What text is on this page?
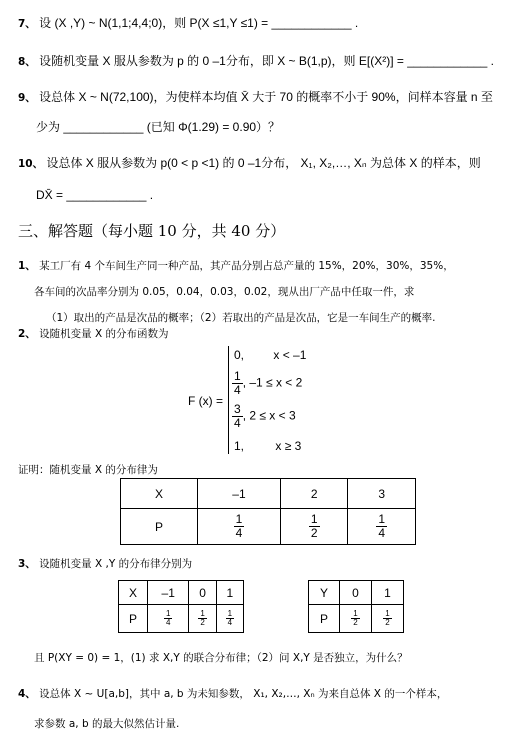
7、 设 (X ,Y) ~ N(1,1;4,4;0)，则 P(X ≤1,Y ≤1) = ____________ .
8、 设随机变量 X 服从参数为 p 的 0 –1分布，即 X ~ B(1,p)，则 E[(X²)] = ____________ .
9、 设总体 X ~ N(72,100)，为使样本均值 X̄ 大于 70 的概率不小于 90%，问样本容量 n 至
少为 ____________ (已知 Φ(1.29) = 0.90）？
10、 设总体 X 服从参数为 p(0 < p <1) 的 0 –1分布， X₁, X₂,…, Xₙ 为总体 X 的样本，则
DX̄ = ____________ .
三、解答题（每小题 10 分，共 40 分）
1、 某工厂有 4 个车间生产同一种产品，其产品分别占总产量的 15%，20%，30%，35%，
各车间的次品率分别为 0.05，0.04，0.03，0.02，现从出厂产品中任取一件，求
（1）取出的产品是次品的概率；（2）若取出的产品是次品，它是一车间生产的概率.
2、 设随机变量 X 的分布函数为
F (x) =
0, x < –1
$\frac{1}{4}$ , –1 ≤ x < 2
$\frac{3}{4}$ , 2 ≤ x < 3
1,	x ≥ 3
证明：随机变量 X 的分布律为
X	–1	2	3
P	$\frac{1}{4}$	$\frac{1}{2}$	$\frac{1}{4}$
3、 设随机变量 X ,Y 的分布律分别为
X	–1	0	1
P	$\frac{1}{4}$	$\frac{1}{2}$	$\frac{1}{4}$
Y	0	1
P	$\frac{1}{2}$	$\frac{1}{2}$
且 P(XY = 0) = 1，(1) 求 X,Y 的联合分布律；（2）问 X,Y 是否独立，为什么？
4、 设总体 X ~ U[a,b]，其中 a, b 为未知参数， X₁, X₂,…, Xₙ 为来自总体 X 的一个样本，
求参数 a, b 的最大似然估计量.
